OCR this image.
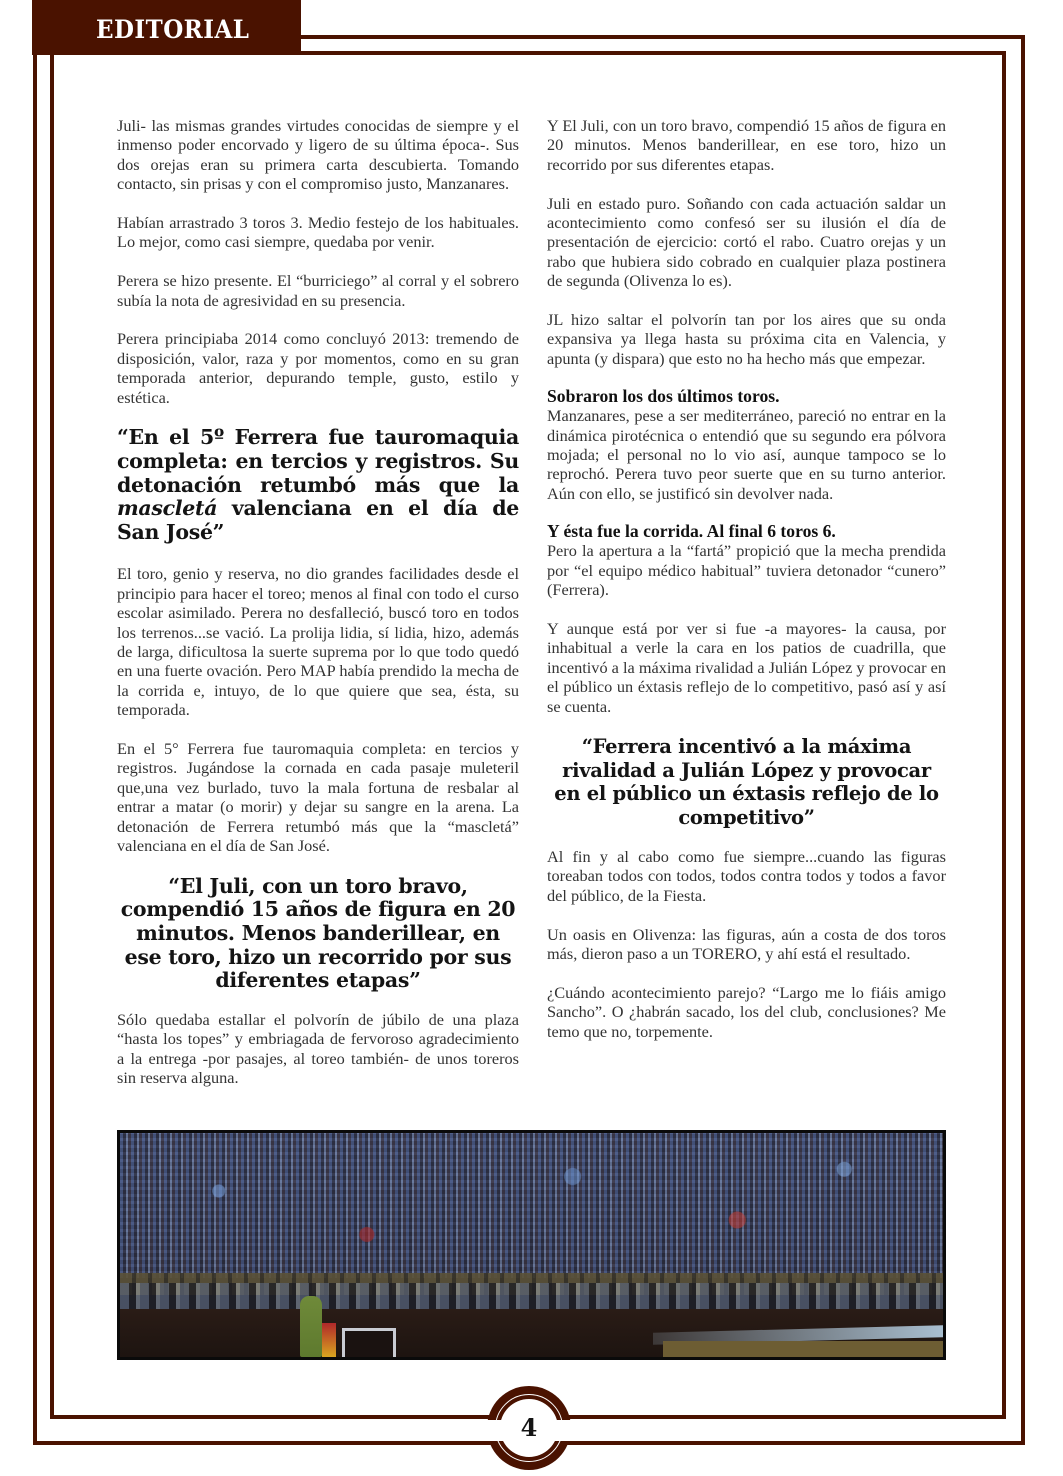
EDITORIAL

Juli- las mismas grandes virtudes conocidas de siempre y el inmenso poder encorvado y ligero de su última época-. Sus dos orejas eran su primera carta descubierta. Tomando contacto, sin prisas y con el compromiso justo, Manzanares.

Habían arrastrado 3 toros 3. Medio festejo de los habituales. Lo mejor, como casi siempre, quedaba por venir.

Perera se hizo presente. El “burriciego” al corral y el sobrero subía la nota de agresividad en su presencia.

Perera principiaba 2014 como concluyó 2013: tremendo de disposición, valor, raza y por momentos, como en su gran temporada anterior, depurando temple, gusto, estilo y estética.

“En el 5º Ferrera fue tauromaquia completa: en tercios y registros. Su detonación retumbó más que la mascletá valenciana en el día de San José”

El toro, genio y reserva, no dio grandes facilidades desde el principio para hacer el toreo; menos al final con todo el curso escolar asimilado. Perera no desfalleció, buscó toro en todos los terrenos...se vació. La prolija lidia, sí lidia, hizo, además de larga, dificultosa la suerte suprema por lo que todo quedó en una fuerte ovación. Pero MAP había prendido la mecha de la corrida e, intuyo, de lo que quiere que sea, ésta, su temporada.

En el 5° Ferrera fue tauromaquia completa: en tercios y registros. Jugándose la cornada en cada pasaje muleteril que,una vez burlado, tuvo la mala fortuna de resbalar al entrar a matar (o morir) y dejar su sangre en la arena. La detonación de Ferrera retumbó más que la “mascletá” valenciana en el día de San José.

“El Juli, con un toro bravo, compendió 15 años de figura en 20 minutos. Menos banderillear, en ese toro, hizo un recorrido por sus diferentes etapas”

Sólo quedaba estallar el polvorín de júbilo de una plaza “hasta los topes” y embriagada de fervoroso agradecimiento a la entrega -por pasajes, al toreo también- de unos toreros sin reserva alguna.

Y El Juli, con un toro bravo, compendió 15 años de figura en 20 minutos. Menos banderillear, en ese toro, hizo un recorrido por sus diferentes etapas.

Juli en estado puro. Soñando con cada actuación saldar un acontecimiento como confesó ser su ilusión el día de presentación de ejercicio: cortó el rabo. Cuatro orejas y un rabo que hubiera sido cobrado en cualquier plaza postinera de segunda (Olivenza lo es).

JL hizo saltar el polvorín tan por los aires que su onda expansiva ya llega hasta su próxima cita en Valencia, y apunta (y dispara) que esto no ha hecho más que empezar.

Sobraron los dos últimos toros.

Manzanares, pese a ser mediterráneo, pareció no entrar en la dinámica pirotécnica o entendió que su segundo era pólvora mojada; el personal no lo vio así, aunque tampoco se lo reprochó. Perera tuvo peor suerte que en su turno anterior. Aún con ello, se justificó sin devolver nada.

Y ésta fue la corrida. Al final 6 toros 6.

Pero la apertura a la “fartá” propició que la mecha prendida por “el equipo médico habitual” tuviera detonador “cunero” (Ferrera).

Y aunque está por ver si fue -a mayores- la causa, por inhabitual a verle la cara en los patios de cuadrilla, que incentivó a la máxima rivalidad a Julián López y provocar en el público un éxtasis reflejo de lo competitivo, pasó así y así se cuenta.

“Ferrera incentivó a la máxima rivalidad a Julián López y provocar en el público un éxtasis reflejo de lo competitivo”

Al fin y al cabo como fue siempre...cuando las figuras toreaban todos con todos, todos contra todos y todos a favor del público, de la Fiesta.

Un oasis en Olivenza: las figuras, aún a costa de dos toros más, dieron paso a un TORERO, y ahí está el resultado.

¿Cuándo acontecimiento parejo? “Largo me lo fiáis amigo Sancho”. O ¿habrán sacado, los del club, conclusiones? Me temo que no, torpemente.

4
